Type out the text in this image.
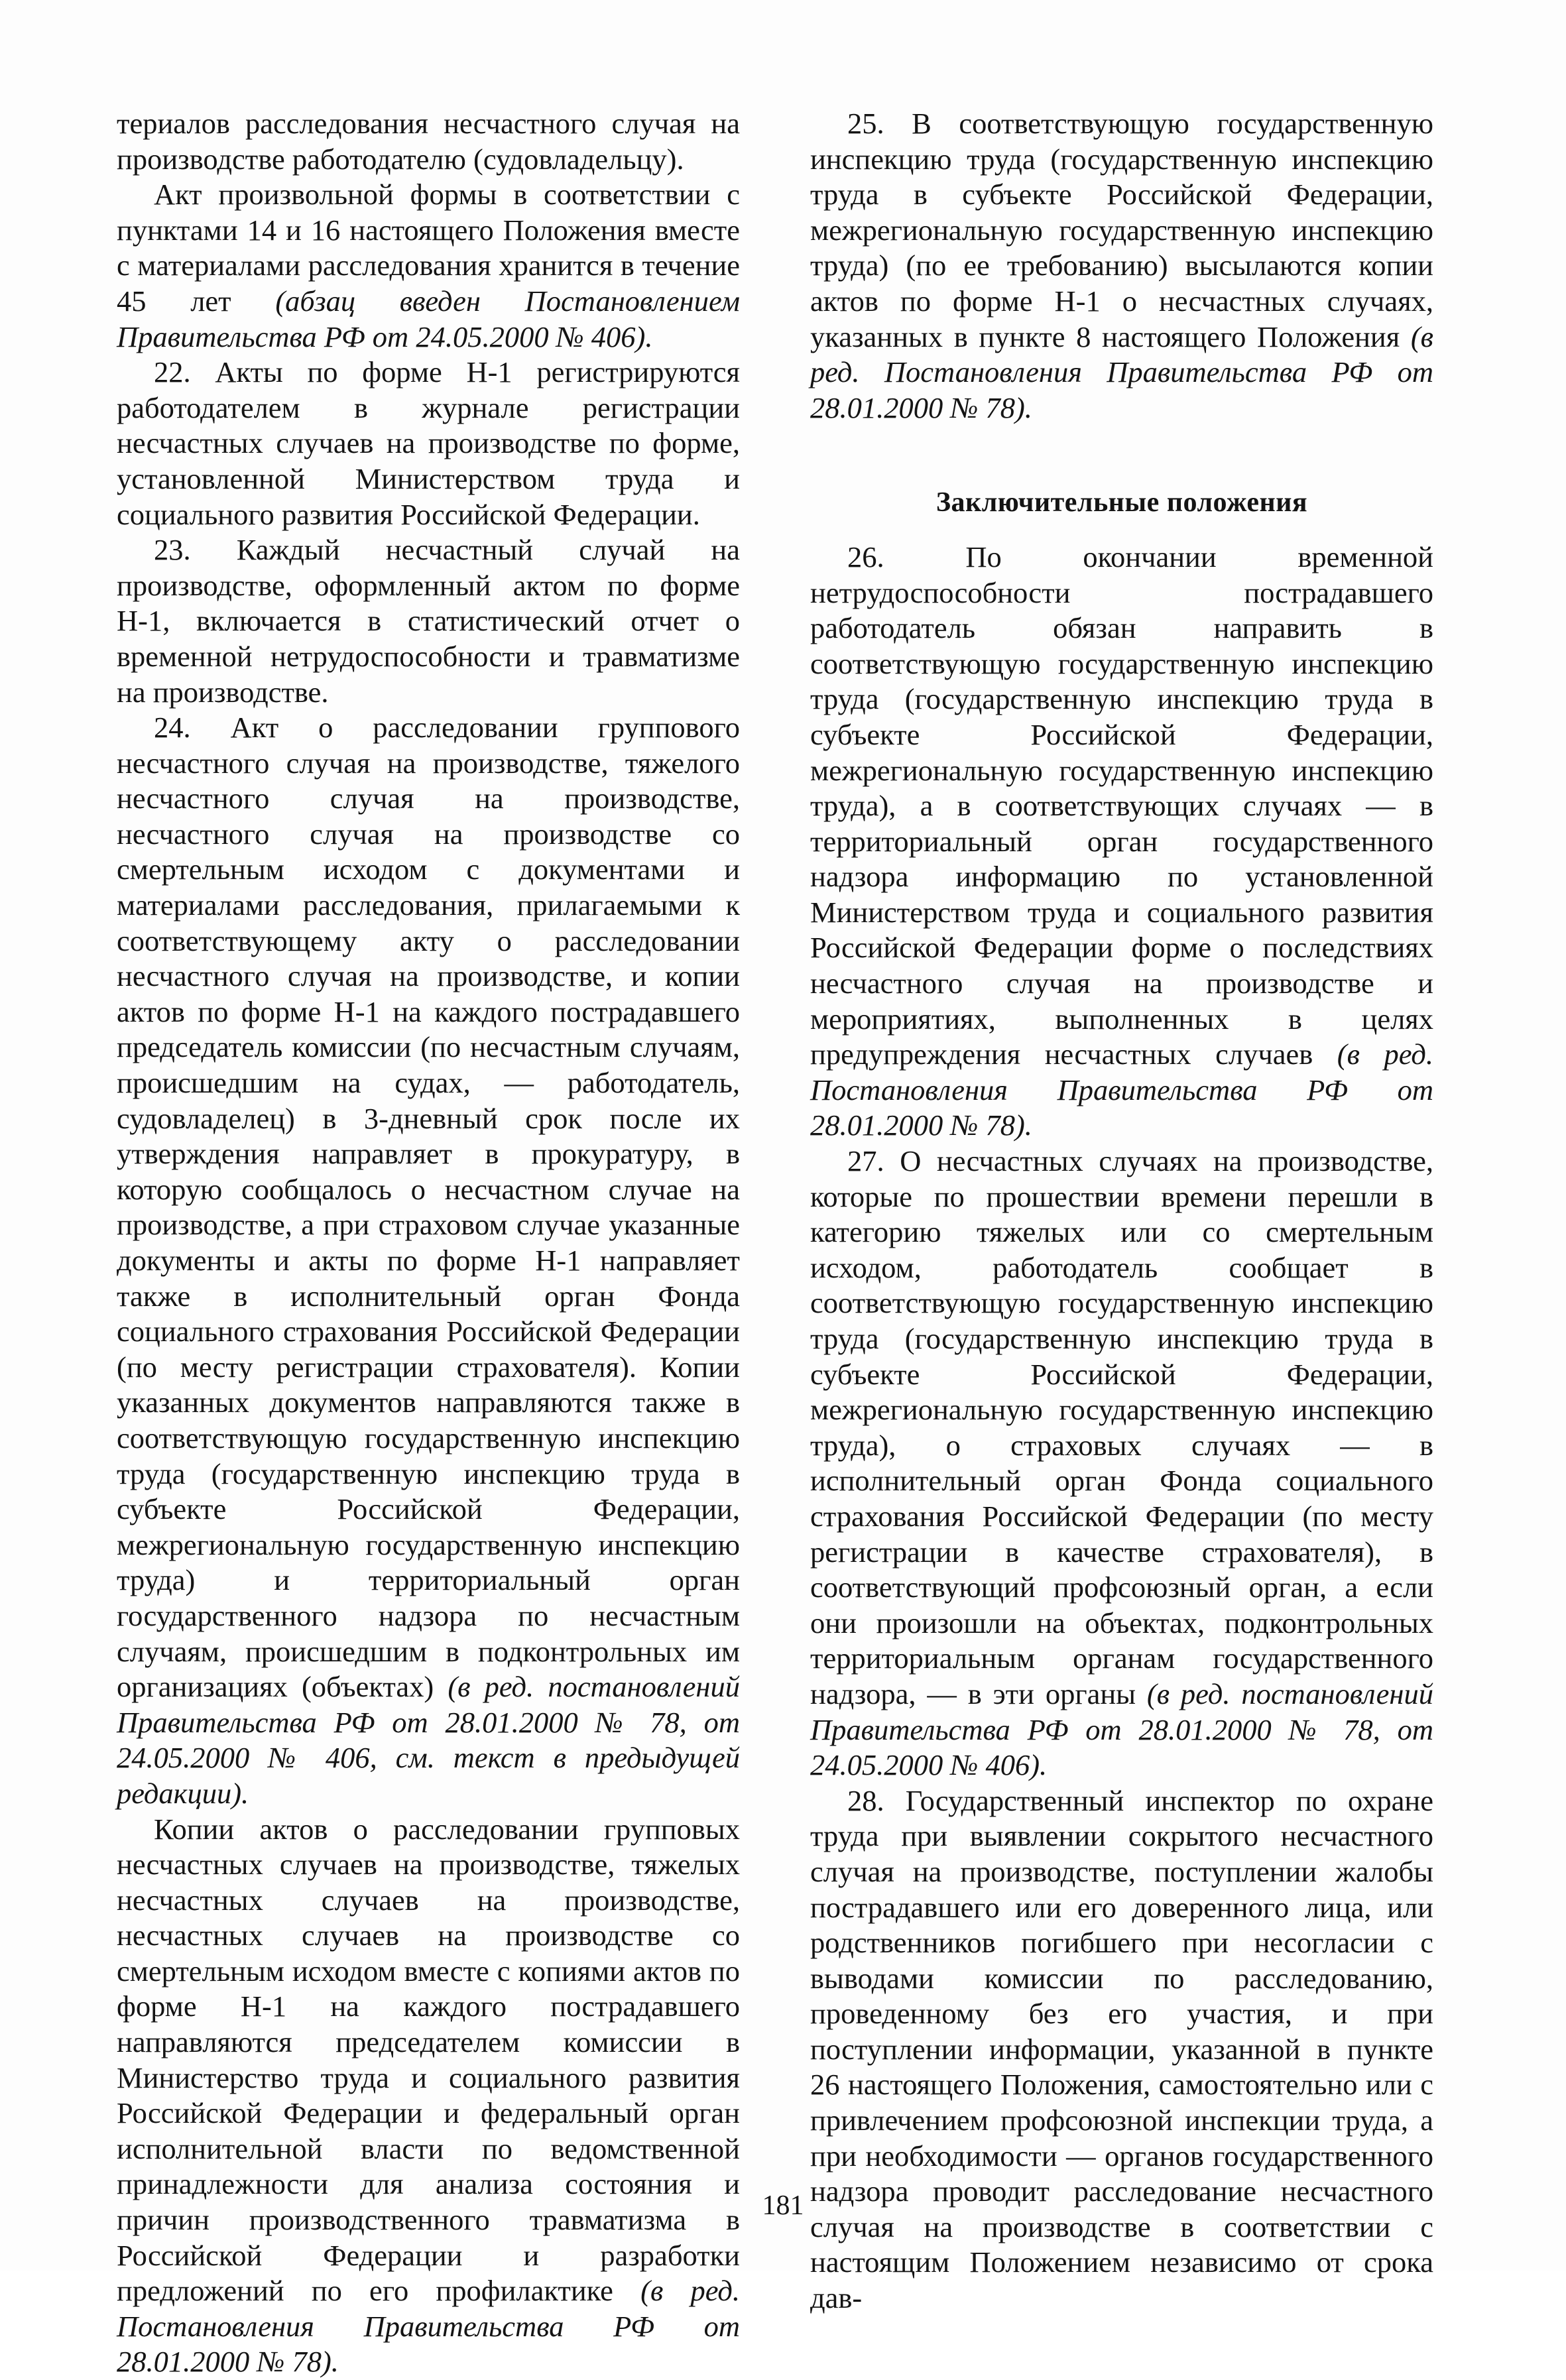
териалов расследования несчастного случая на производстве работодателю (судовладельцу).

Акт произвольной формы в соответствии с пунктами 14 и 16 настоящего Положения вместе с материалами расследования хранится в течение 45 лет (абзац введен Постановлением Правительства РФ от 24.05.2000 № 406).

22. Акты по форме Н-1 регистрируются работодателем в журнале регистрации несчастных случаев на производстве по форме, установленной Министерством труда и социального развития Российской Федерации.

23. Каждый несчастный случай на производстве, оформленный актом по форме Н-1, включается в статистический отчет о временной нетрудоспособности и травматизме на производстве.

24. Акт о расследовании группового несчастного случая на производстве, тяжелого несчастного случая на производстве, несчастного случая на производстве со смертельным исходом с документами и материалами расследования, прилагаемыми к соответствующему акту о расследовании несчастного случая на производстве, и копии актов по форме Н-1 на каждого пострадавшего председатель комиссии (по несчастным случаям, происшедшим на судах, — работодатель, судовладелец) в 3-дневный срок после их утверждения направляет в прокуратуру, в которую сообщалось о несчастном случае на производстве, а при страховом случае указанные документы и акты по форме Н-1 направляет также в исполнительный орган Фонда социального страхования Российской Федерации (по месту регистрации страхователя). Копии указанных документов направляются также в соответствующую государственную инспекцию труда (государственную инспекцию труда в субъекте Российской Федерации, межрегиональную государственную инспекцию труда) и территориальный орган государственного надзора по несчастным случаям, происшедшим в подконтрольных им организациях (объектах) (в ред. постановлений Правительства РФ от 28.01.2000 № 78, от 24.05.2000 № 406, см. текст в предыдущей редакции).

Копии актов о расследовании групповых несчастных случаев на производстве, тяжелых несчастных случаев на производстве, несчастных случаев на производстве со смертельным исходом вместе с копиями актов по форме Н-1 на каждого пострадавшего направляются председателем комиссии в Министерство труда и социального развития Российской Федерации и федеральный орган исполнительной власти по ведомственной принадлежности для анализа состояния и причин производственного травматизма в Российской Федерации и разработки предложений по его профилактике (в ред. Постановления Правительства РФ от 28.01.2000 № 78).

25. В соответствующую государственную инспекцию труда (государственную инспекцию труда в субъекте Российской Федерации, межрегиональную государственную инспекцию труда) (по ее требованию) высылаются копии актов по форме Н-1 о несчастных случаях, указанных в пункте 8 настоящего Положения (в ред. Постановления Правительства РФ от 28.01.2000 № 78).

Заключительные положения

26. По окончании временной нетрудоспособности пострадавшего работодатель обязан направить в соответствующую государственную инспекцию труда (государственную инспекцию труда в субъекте Российской Федерации, межрегиональную государственную инспекцию труда), а в соответствующих случаях — в территориальный орган государственного надзора информацию по установленной Министерством труда и социального развития Российской Федерации форме о последствиях несчастного случая на производстве и мероприятиях, выполненных в целях предупреждения несчастных случаев (в ред. Постановления Правительства РФ от 28.01.2000 № 78).

27. О несчастных случаях на производстве, которые по прошествии времени перешли в категорию тяжелых или со смертельным исходом, работодатель сообщает в соответствующую государственную инспекцию труда (государственную инспекцию труда в субъекте Российской Федерации, межрегиональную государственную инспекцию труда), о страховых случаях — в исполнительный орган Фонда социального страхования Российской Федерации (по месту регистрации в качестве страхователя), в соответствующий профсоюзный орган, а если они произошли на объектах, подконтрольных территориальным органам государственного надзора, — в эти органы (в ред. постановлений Правительства РФ от 28.01.2000 № 78, от 24.05.2000 № 406).

28. Государственный инспектор по охране труда при выявлении сокрытого несчастного случая на производстве, поступлении жалобы пострадавшего или его доверенного лица, или родственников погибшего при несогласии с выводами комиссии по расследованию, проведенному без его участия, и при поступлении информации, указанной в пункте 26 настоящего Положения, самостоятельно или с привлечением профсоюзной инспекции труда, а при необходимости — органов государственного надзора проводит расследование несчастного случая на производстве в соответствии с настоящим Положением независимо от срока дав-

181
